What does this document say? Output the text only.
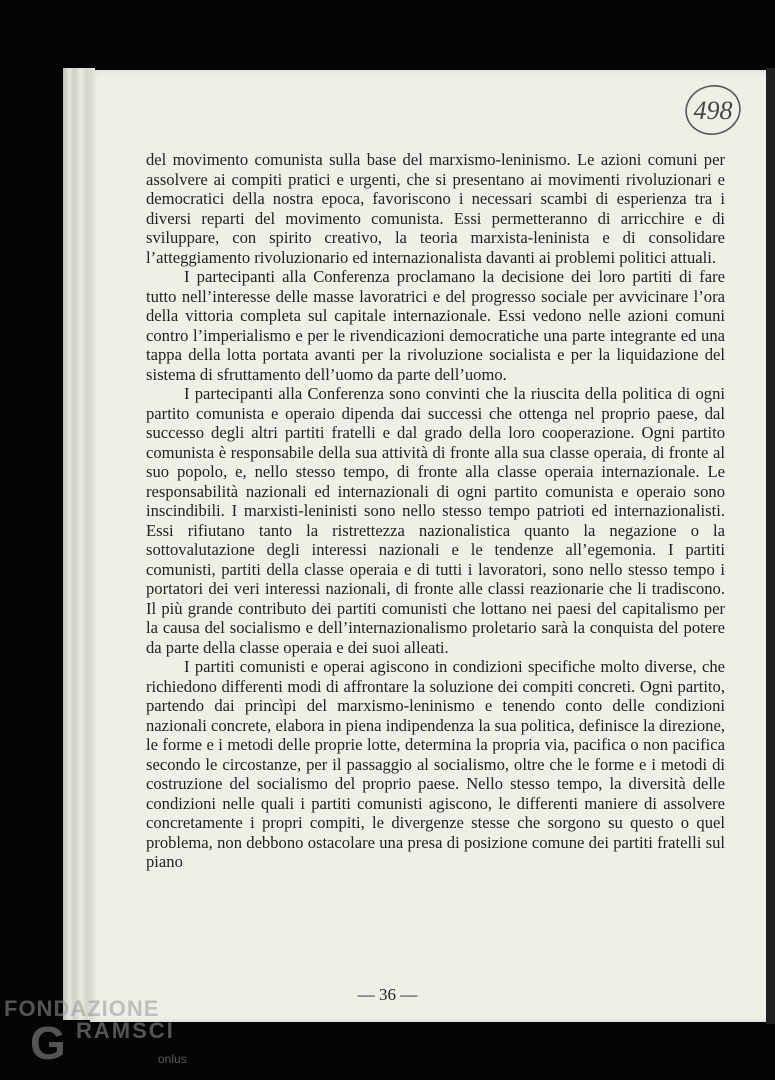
498

del movimento comunista sulla base del marxismo-leninismo. Le azioni comuni per assolvere ai compiti pratici e urgenti, che si presentano ai movimenti rivoluzionari e democratici della nostra epoca, favoriscono i necessari scambi di esperienza tra i diversi reparti del movimento comunista. Essi permetteranno di arricchire e di sviluppare, con spirito creativo, la teoria marxista-leninista e di consolidare l’atteggiamento rivoluzionario ed internazionalista davanti ai problemi politici attuali.

I partecipanti alla Conferenza proclamano la decisione dei loro partiti di fare tutto nell’interesse delle masse lavoratrici e del progresso sociale per avvicinare l’ora della vittoria completa sul capitale internazionale. Essi vedono nelle azioni comuni contro l’imperialismo e per le rivendicazioni democratiche una parte integrante ed una tappa della lotta portata avanti per la rivoluzione socialista e per la liquidazione del sistema di sfruttamento dell’uomo da parte dell’uomo.

I partecipanti alla Conferenza sono convinti che la riuscita della politica di ogni partito comunista e operaio dipenda dai successi che ottenga nel proprio paese, dal successo degli altri partiti fratelli e dal grado della loro cooperazione. Ogni partito comunista è responsabile della sua attività di fronte alla sua classe operaia, di fronte al suo popolo, e, nello stesso tempo, di fronte alla classe operaia internazionale. Le responsabilità nazionali ed internazionali di ogni partito comunista e operaio sono inscindibili. I marxisti-leninisti sono nello stesso tempo patrioti ed internazionalisti. Essi rifiutano tanto la ristrettezza nazionalistica quanto la negazione o la sottovalutazione degli interessi nazionali e le tendenze all’egemonia. I partiti comunisti, partiti della classe operaia e di tutti i lavoratori, sono nello stesso tempo i portatori dei veri interessi nazionali, di fronte alle classi reazionarie che li tradiscono. Il più grande contributo dei partiti comunisti che lottano nei paesi del capitalismo per la causa del socialismo e dell’internazionalismo proletario sarà la conquista del potere da parte della classe operaia e dei suoi alleati.

I partiti comunisti e operai agiscono in condizioni specifiche molto diverse, che richiedono differenti modi di affrontare la soluzione dei compiti concreti. Ogni partito, partendo dai princìpi del marxismo-leninismo e tenendo conto delle condizioni nazionali concrete, elabora in piena indipendenza la sua politica, definisce la direzione, le forme e i metodi delle proprie lotte, determina la propria via, pacifica o non pacifica secondo le circostanze, per il passaggio al socialismo, oltre che le forme e i metodi di costruzione del socialismo del proprio paese. Nello stesso tempo, la diversità delle condizioni nelle quali i partiti comunisti agiscono, le differenti maniere di assolvere concretamente i propri compiti, le divergenze stesse che sorgono su questo o quel problema, non debbono ostacolare una presa di posizione comune dei partiti fratelli sul piano

— 36 —
FONDAZIONE
G RAMSCI
onlus
